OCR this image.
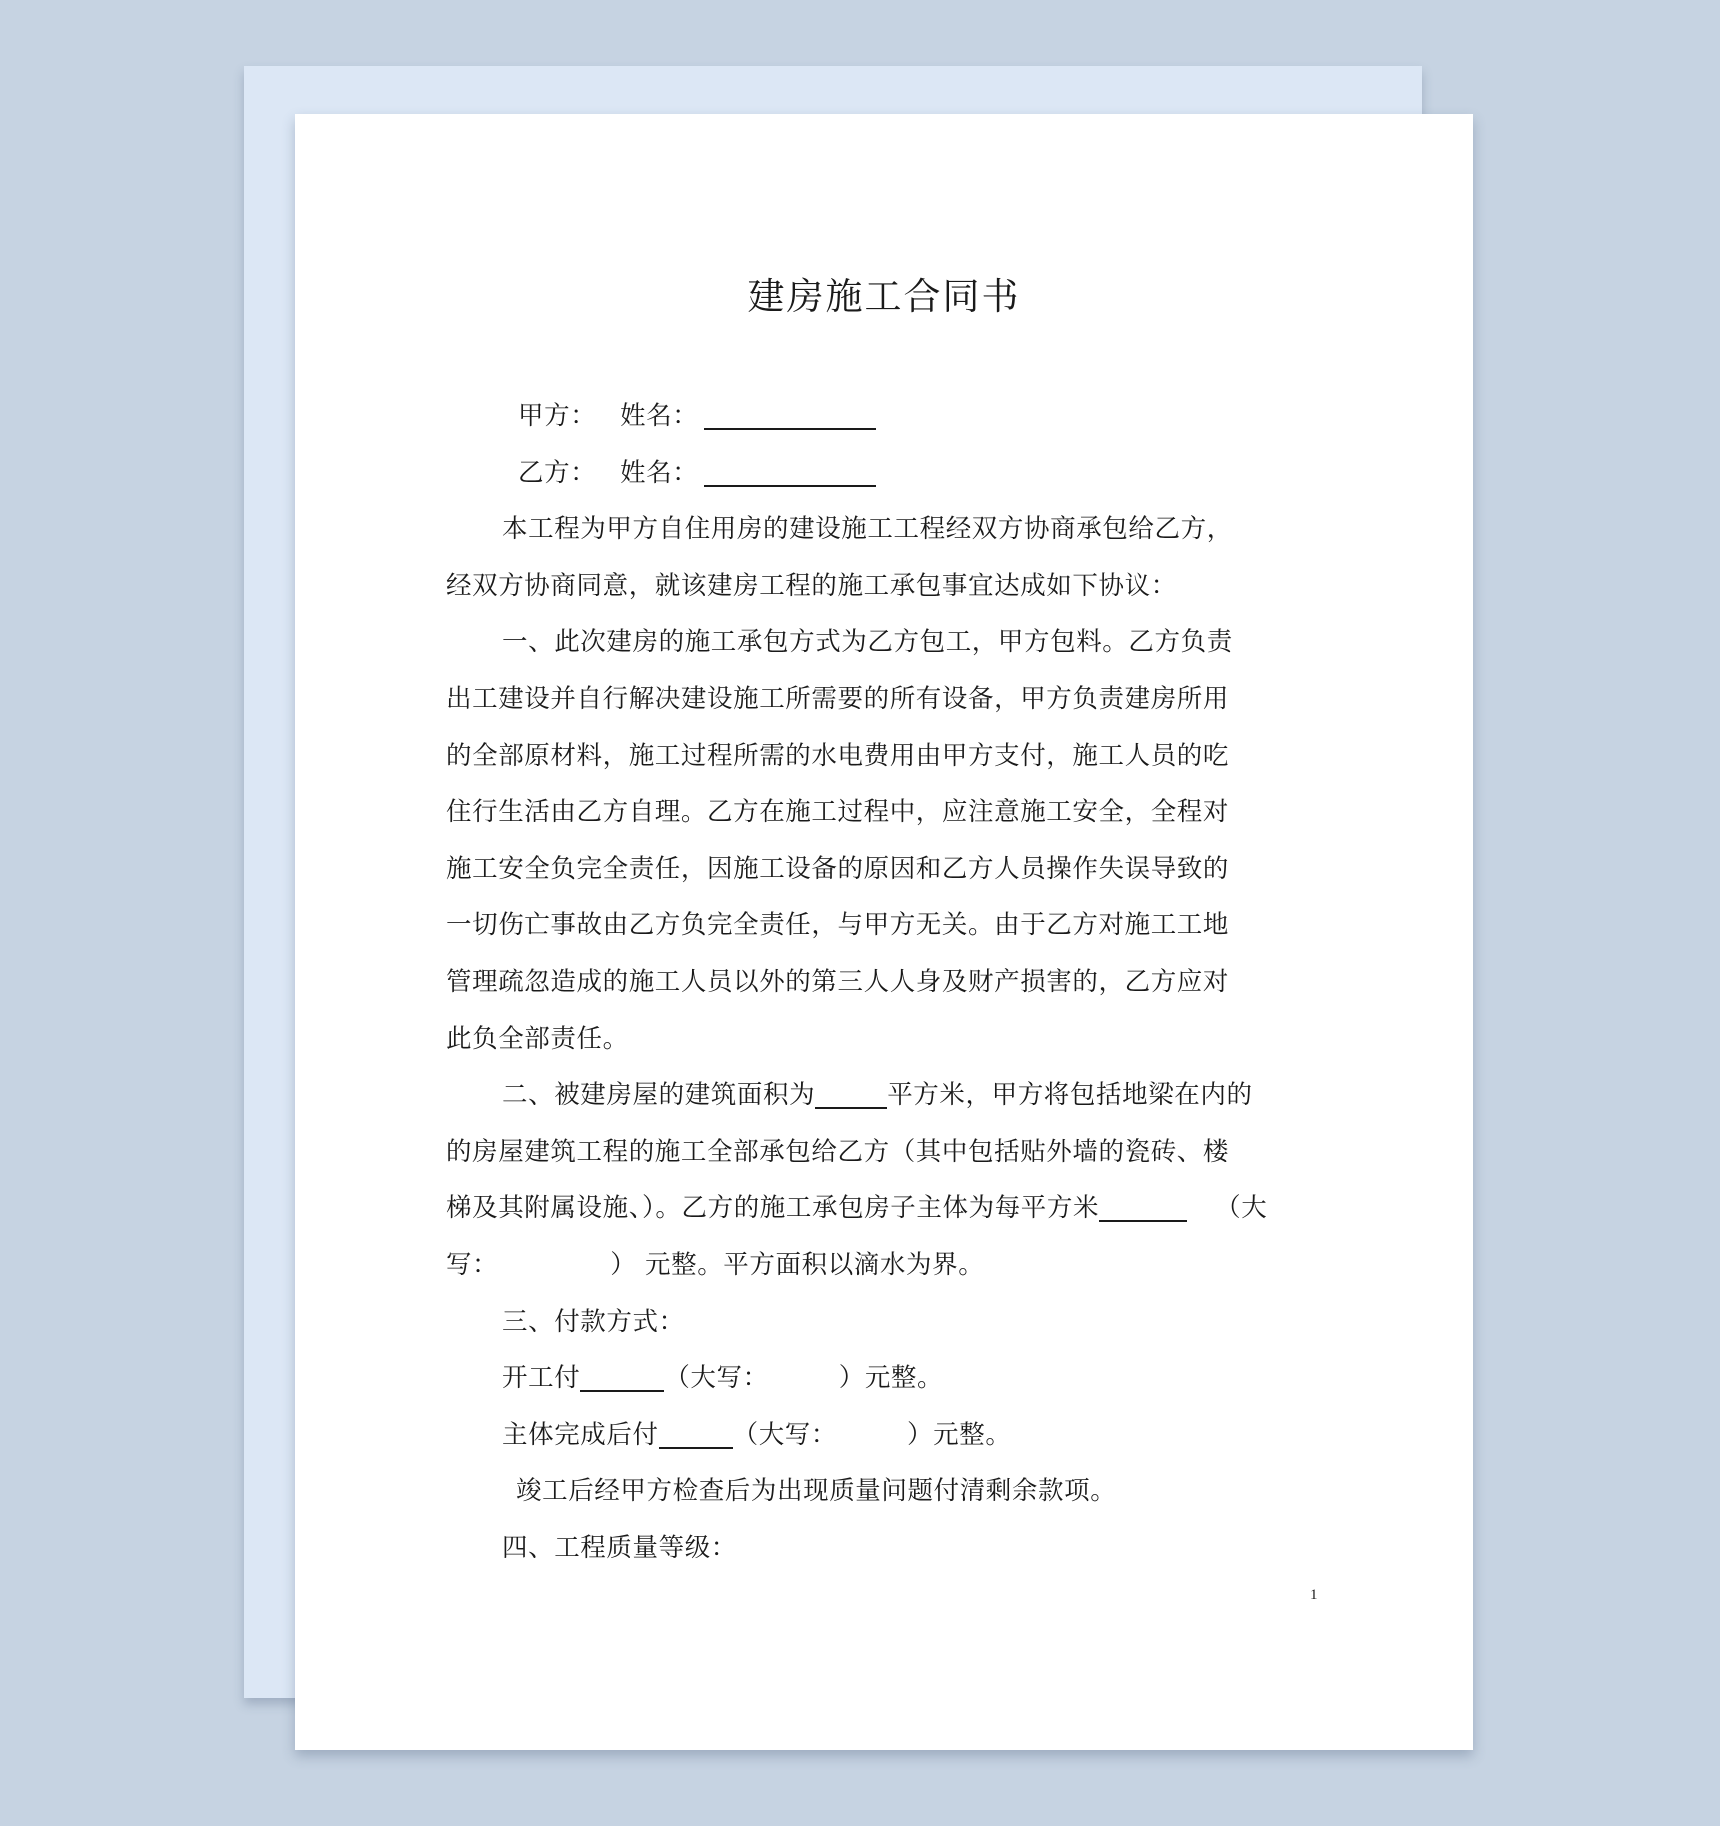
建房施工合同书
甲方： 姓名：
乙方： 姓名：
本工程为甲方自住用房的建设施工工程经双方协商承包给乙方，
经双方协商同意，就该建房工程的施工承包事宜达成如下协议：
一、此次建房的施工承包方式为乙方包工，甲方包料。乙方负责
出工建设并自行解决建设施工所需要的所有设备，甲方负责建房所用
的全部原材料，施工过程所需的水电费用由甲方支付，施工人员的吃
住行生活由乙方自理。乙方在施工过程中，应注意施工安全，全程对
施工安全负完全责任，因施工设备的原因和乙方人员操作失误导致的
一切伤亡事故由乙方负完全责任，与甲方无关。由于乙方对施工工地
管理疏忽造成的施工人员以外的第三人人身及财产损害的，乙方应对
此负全部责任。
二、被建房屋的建筑面积为	平方米，甲方将包括地梁在内的
的房屋建筑工程的施工全部承包给乙方（其中包括贴外墙的瓷砖、楼
梯及其附属设施、）。乙方的施工承包房子主体为每平方米	（大
写：	） 元整。平方面积以滴水为界。
三、付款方式：
开工付	（大写：	）元整。
主体完成后付	（大写：	）元整。
竣工后经甲方检查后为出现质量问题付清剩余款项。
四、工程质量等级：
1
